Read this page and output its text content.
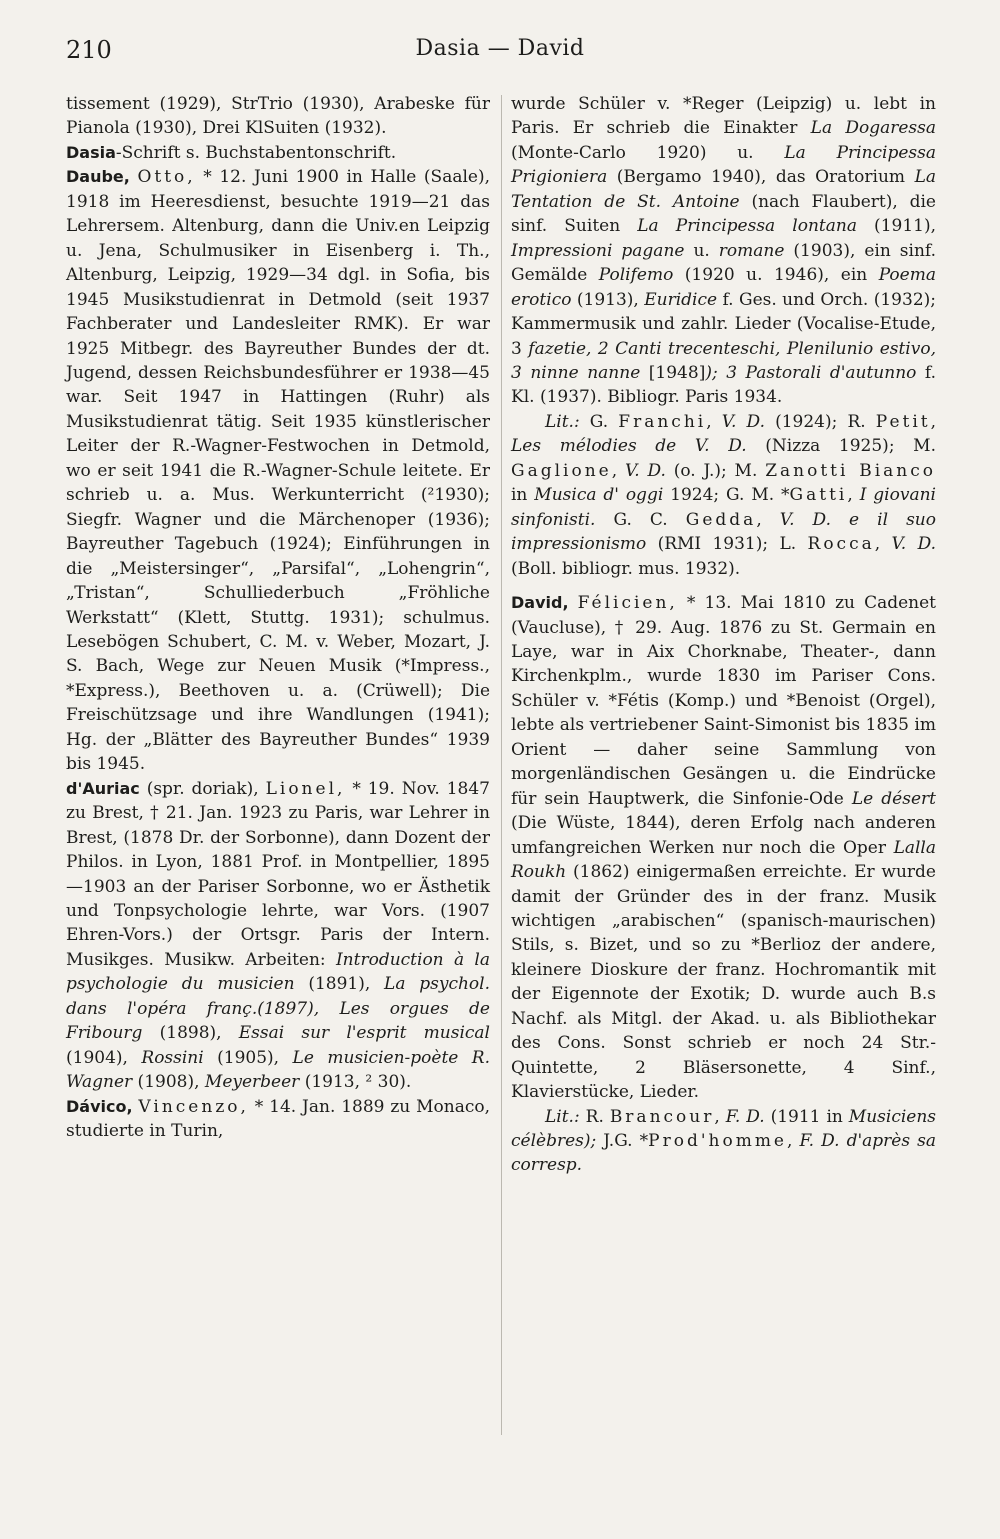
210	Dasia — David

tissement (1929), StrTrio (1930), Arabeske für Pianola (1930), Drei KlSuiten (1932).

Dasia-Schrift s. Buchstabentonschrift.

Daube, Otto, * 12. Juni 1900 in Halle (Saale), 1918 im Heeresdienst, besuchte 1919—21 das Lehrersem. Altenburg, dann die Univ.en Leipzig u. Jena, Schulmusiker in Eisenberg i. Th., Altenburg, Leipzig, 1929—34 dgl. in Sofia, bis 1945 Musikstudienrat in Detmold (seit 1937 Fachberater und Landesleiter RMK). Er war 1925 Mitbegr. des Bayreuther Bundes der dt. Jugend, dessen Reichsbundesführer er 1938—45 war. Seit 1947 in Hattingen (Ruhr) als Musikstudienrat tätig. Seit 1935 künstlerischer Leiter der R.-Wagner-Festwochen in Detmold, wo er seit 1941 die R.-Wagner-Schule leitete. Er schrieb u. a. Mus. Werkunterricht (²1930); Siegfr. Wagner und die Märchenoper (1936); Bayreuther Tagebuch (1924); Einführungen in die „Meistersinger“, „Parsifal“, „Lohengrin“, „Tristan“, Schulliederbuch „Fröhliche Werkstatt“ (Klett, Stuttg. 1931); schulmus. Lesebögen Schubert, C. M. v. Weber, Mozart, J. S. Bach, Wege zur Neuen Musik (*Impress., *Express.), Beethoven u. a. (Crüwell); Die Freischützsage und ihre Wandlungen (1941); Hg. der „Blätter des Bayreuther Bundes“ 1939 bis 1945.

d'Auriac (spr. doriak), Lionel, * 19. Nov. 1847 zu Brest, † 21. Jan. 1923 zu Paris, war Lehrer in Brest, (1878 Dr. der Sorbonne), dann Dozent der Philos. in Lyon, 1881 Prof. in Montpellier, 1895—1903 an der Pariser Sorbonne, wo er Ästhetik und Tonpsychologie lehrte, war Vors. (1907 Ehren-Vors.) der Ortsgr. Paris der Intern. Musikges. Musikw. Arbeiten: Introduction à la psychologie du musicien (1891), La psychol. dans l'opéra franç.(1897), Les orgues de Fribourg (1898), Essai sur l'esprit musical (1904), Rossini (1905), Le musicien-poète R. Wagner (1908), Meyerbeer (1913, ² 30).

Dávico, Vincenzo, * 14. Jan. 1889 zu Monaco, studierte in Turin,

wurde Schüler v. *Reger (Leipzig) u. lebt in Paris. Er schrieb die Einakter La Dogaressa (Monte-Carlo 1920) u. La Principessa Prigioniera (Bergamo 1940), das Oratorium La Tentation de St. Antoine (nach Flaubert), die sinf. Suiten La Principessa lontana (1911), Impressioni pagane u. romane (1903), ein sinf. Gemälde Polifemo (1920 u. 1946), ein Poema erotico (1913), Euridice f. Ges. und Orch. (1932); Kammermusik und zahlr. Lieder (Vocalise-Etude, 3 fazetie, 2 Canti trecenteschi, Plenilunio estivo, 3 ninne nanne [1948]); 3 Pastorali d'autunno f. Kl. (1937). Bibliogr. Paris 1934.

Lit.: G. Franchi, V. D. (1924); R. Petit, Les mélodies de V. D. (Nizza 1925); M. Gaglione, V. D. (o. J.); M. Zanotti Bianco in Musica d' oggi 1924; G. M. *Gatti, I giovani sinfonisti. G. C. Gedda, V. D. e il suo impressionismo (RMI 1931); L. Rocca, V. D. (Boll. bibliogr. mus. 1932).

David, Félicien, * 13. Mai 1810 zu Cadenet (Vaucluse), † 29. Aug. 1876 zu St. Germain en Laye, war in Aix Chorknabe, Theater-, dann Kirchenkplm., wurde 1830 im Pariser Cons. Schüler v. *Fétis (Komp.) und *Benoist (Orgel), lebte als vertriebener Saint-Simonist bis 1835 im Orient — daher seine Sammlung von morgenländischen Gesängen u. die Eindrücke für sein Hauptwerk, die Sinfonie-Ode Le désert (Die Wüste, 1844), deren Erfolg nach anderen umfangreichen Werken nur noch die Oper Lalla Roukh (1862) einigermaßen erreichte. Er wurde damit der Gründer des in der franz. Musik wichtigen „arabischen“ (spanisch-maurischen) Stils, s. Bizet, und so zu *Berlioz der andere, kleinere Dioskure der franz. Hochromantik mit der Eigennote der Exotik; D. wurde auch B.s Nachf. als Mitgl. der Akad. u. als Bibliothekar des Cons. Sonst schrieb er noch 24 Str.-Quintette, 2 Bläsersonette, 4 Sinf., Klavierstücke, Lieder.

Lit.: R. Brancour, F. D. (1911 in Musiciens célèbres); J.G. *Prod'homme, F. D. d'après sa corresp.
